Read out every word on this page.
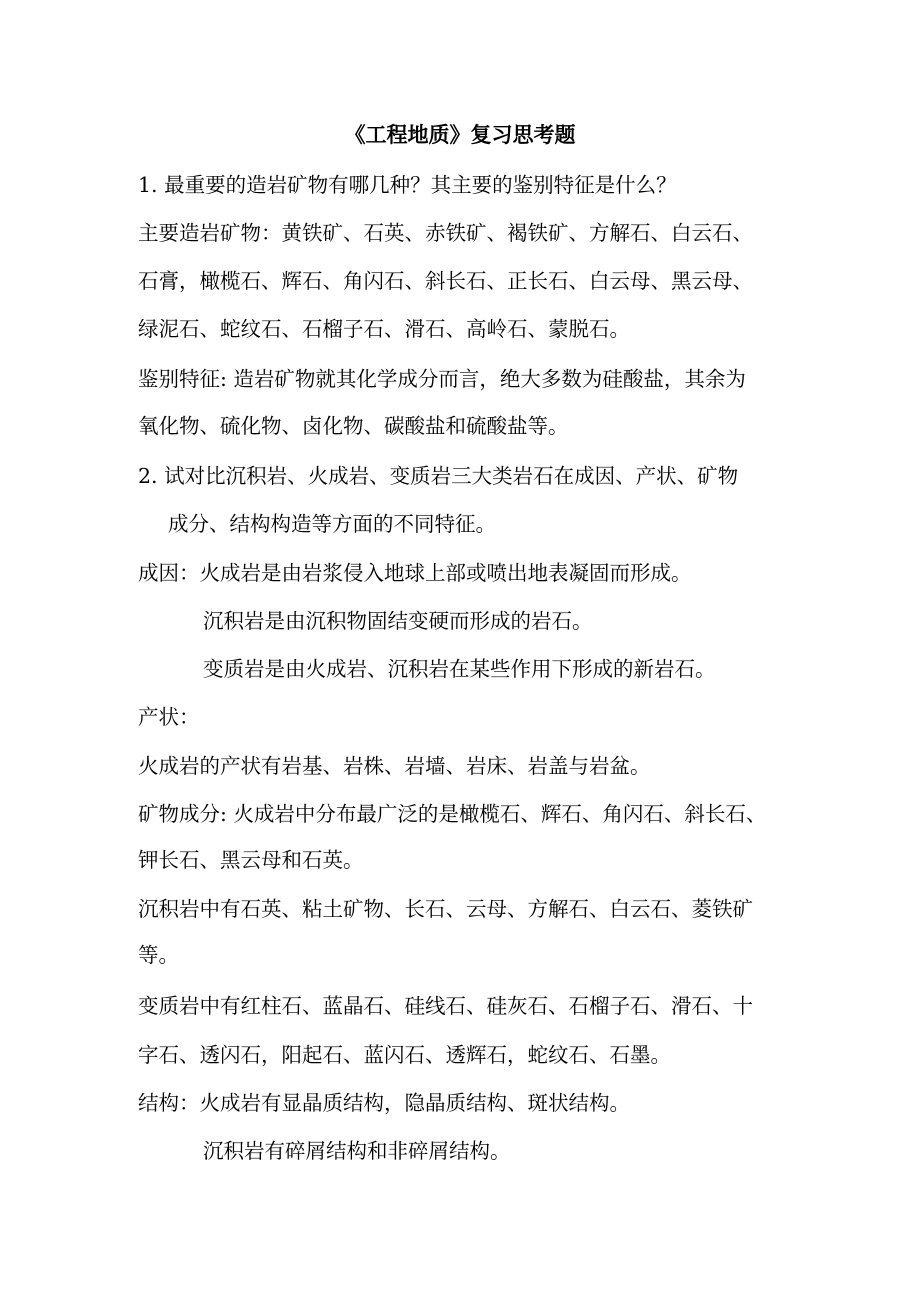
《工程地质》复习思考题
1. 最重要的造岩矿物有哪几种？其主要的鉴别特征是什么？
主要造岩矿物：黄铁矿、石英、赤铁矿、褐铁矿、方解石、白云石、
石膏，橄榄石、辉石、角闪石、斜长石、正长石、白云母、黑云母、
绿泥石、蛇纹石、石榴子石、滑石、高岭石、蒙脱石。
鉴别特征: 造岩矿物就其化学成分而言，绝大多数为硅酸盐，其余为
氧化物、硫化物、卤化物、碳酸盐和硫酸盐等。
2. 试对比沉积岩、火成岩、变质岩三大类岩石在成因、产状、矿物
成分、结构构造等方面的不同特征。
成因：火成岩是由岩浆侵入地球上部或喷出地表凝固而形成。
沉积岩是由沉积物固结变硬而形成的岩石。
变质岩是由火成岩、沉积岩在某些作用下形成的新岩石。
产状：
火成岩的产状有岩基、岩株、岩墙、岩床、岩盖与岩盆。
矿物成分: 火成岩中分布最广泛的是橄榄石、辉石、角闪石、斜长石、
钾长石、黑云母和石英。
沉积岩中有石英、粘土矿物、长石、云母、方解石、白云石、菱铁矿
等。
变质岩中有红柱石、蓝晶石、硅线石、硅灰石、石榴子石、滑石、十
字石、透闪石，阳起石、蓝闪石、透辉石，蛇纹石、石墨。
结构：火成岩有显晶质结构，隐晶质结构、斑状结构。
沉积岩有碎屑结构和非碎屑结构。
